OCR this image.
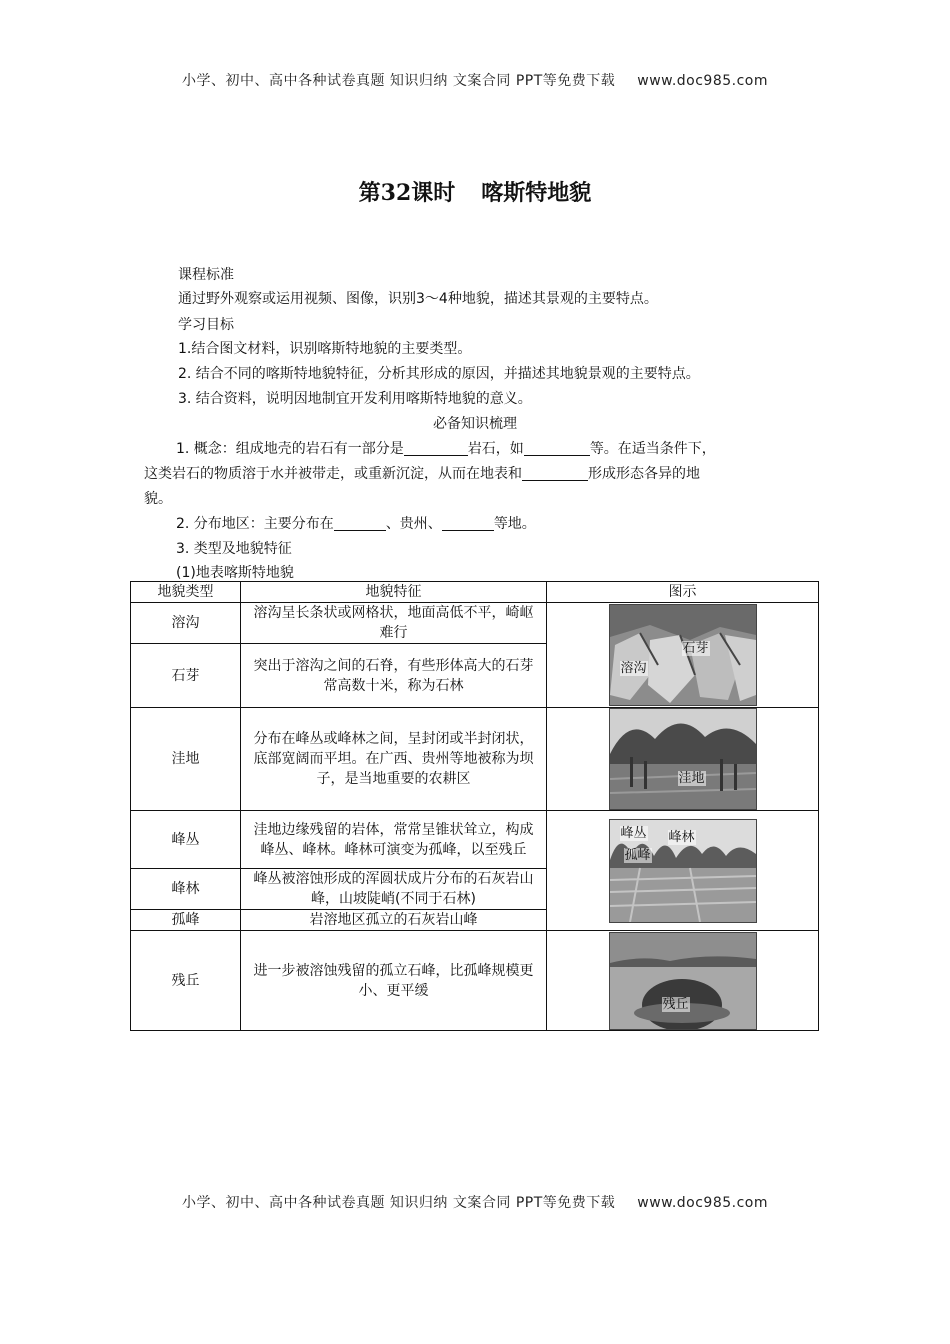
小学、初中、高中各种试卷真题 知识归纳 文案合同 PPT等免费下载 www.doc985.com
第32课时 喀斯特地貌
课程标准
通过野外观察或运用视频、图像，识别3～4种地貌，描述其景观的主要特点。
学习目标
1.结合图文材料，识别喀斯特地貌的主要类型。
2. 结合不同的喀斯特地貌特征，分析其形成的原因，并描述其地貌景观的主要特点。
3. 结合资料，说明因地制宜开发利用喀斯特地貌的意义。
必备知识梳理
1. 概念：组成地壳的岩石有一部分是	岩石，如	等。在适当条件下，
这类岩石的物质溶于水并被带走，或重新沉淀，从而在地表和	形成形态各异的地
貌。
2. 分布地区：主要分布在	、贵州、	等地。
3. 类型及地貌特征
(1)地表喀斯特地貌
地貌类型	地貌特征	图示
溶沟	溶沟呈长条状或网格状，地面高低不平，崎岖难行	溶沟
石芽

石芽	突出于溶沟之间的石脊，有些形体高大的石芽常高数十米，称为石林	
洼地	分布在峰丛或峰林之间，呈封闭或半封闭状，底部宽阔而平坦。在广西、贵州等地被称为坝子，是当地重要的农耕区	洼地

峰丛	洼地边缘残留的岩体，常常呈锥状耸立，构成峰丛、峰林。峰林可演变为孤峰，以至残丘	峰丛 峰林
孤峰

峰林	峰丛被溶蚀形成的浑圆状成片分布的石灰岩山峰，山坡陡峭(不同于石林)	
孤峰	岩溶地区孤立的石灰岩山峰	
残丘	进一步被溶蚀残留的孤立石峰，比孤峰规模更小、更平缓	残丘
小学、初中、高中各种试卷真题 知识归纳 文案合同 PPT等免费下载 www.doc985.com
